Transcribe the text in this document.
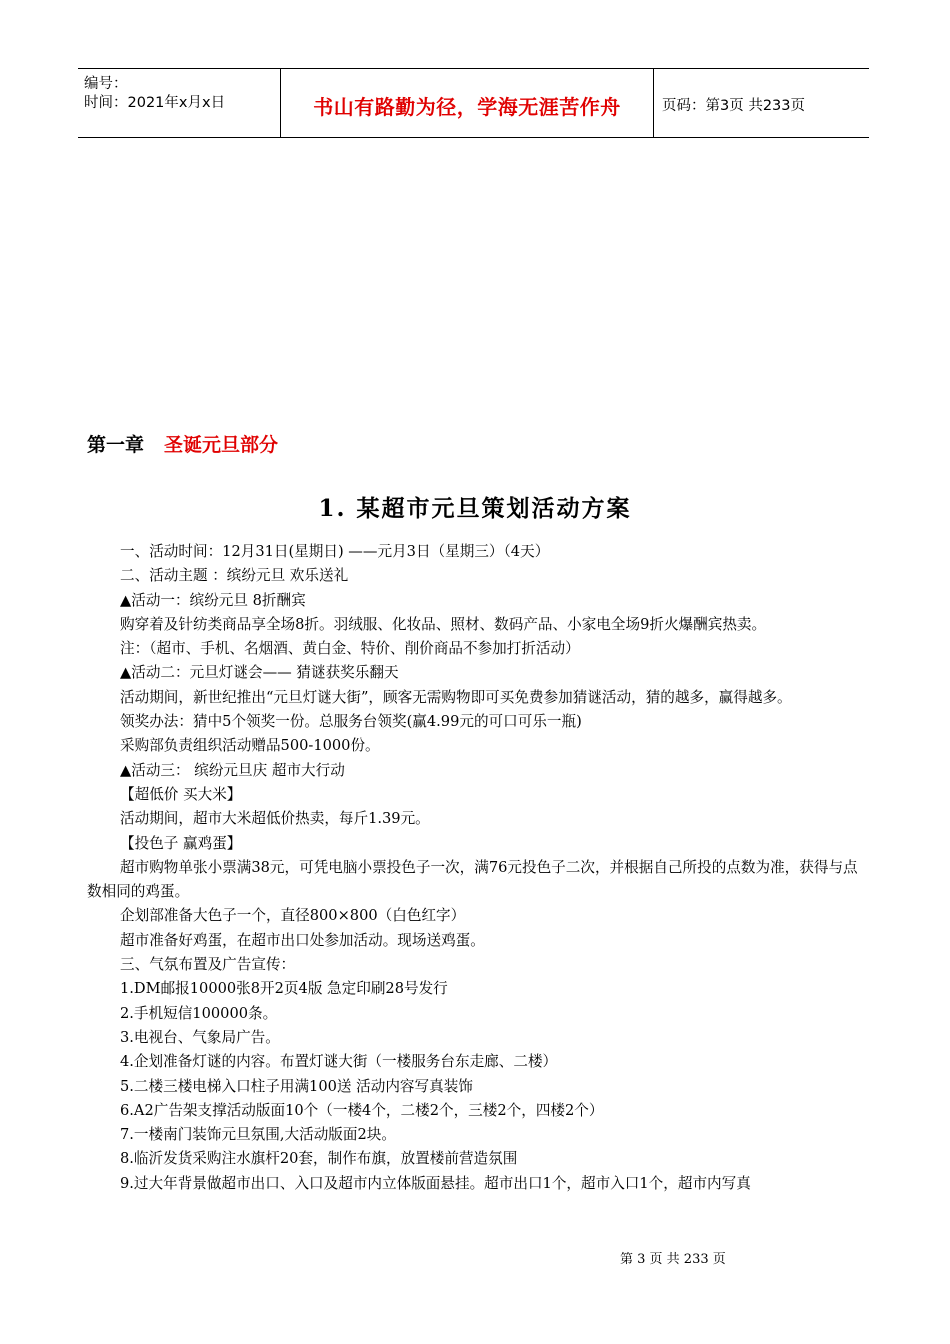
编号：
时间：2021年x月x日	书山有路勤为径，学海无涯苦作舟	页码：第3页 共233页
第一章 圣诞元旦部分
1. 某超市元旦策划活动方案

一、活动时间：12月31日(星期日) ——元月3日（星期三）（4天）

二、活动主题 ：缤纷元旦 欢乐送礼

▲活动一：缤纷元旦 8折酬宾

购穿着及针纺类商品享全场8折。羽绒服、化妆品、照材、数码产品、小家电全场9折火爆酬宾热卖。

注：（超市、手机、名烟酒、黄白金、特价、削价商品不参加打折活动）

▲活动二：元旦灯谜会—— 猜谜获奖乐翻天

活动期间，新世纪推出“元旦灯谜大街”，顾客无需购物即可买免费参加猜谜活动，猜的越多，赢得越多。

领奖办法：猜中5个领奖一份。总服务台领奖(赢4.99元的可口可乐一瓶)

采购部负责组织活动赠品500-1000份。

▲活动三： 缤纷元旦庆 超市大行动

【超低价 买大米】

活动期间，超市大米超低价热卖，每斤1.39元。

【投色子 赢鸡蛋】

超市购物单张小票满38元，可凭电脑小票投色子一次，满76元投色子二次，并根据自己所投的点数为准，获得与点数相同的鸡蛋。

企划部准备大色子一个，直径800×800（白色红字）

超市准备好鸡蛋，在超市出口处参加活动。现场送鸡蛋。

三、气氛布置及广告宣传：

1.DM邮报10000张8开2页4版 急定印刷28号发行

2.手机短信100000条。

3.电视台、气象局广告。

4.企划准备灯谜的内容。布置灯谜大街（一楼服务台东走廊、二楼）

5.二楼三楼电梯入口柱子用满100送 活动内容写真装饰

6.A2广告架支撑活动版面10个（一楼4个，二楼2个，三楼2个，四楼2个）

7.一楼南门装饰元旦氛围,大活动版面2块。

8.临沂发货采购注水旗杆20套，制作布旗，放置楼前营造氛围

9.过大年背景做超市出口、入口及超市内立体版面悬挂。超市出口1个，超市入口1个，超市内写真

第 3 页 共 233 页
